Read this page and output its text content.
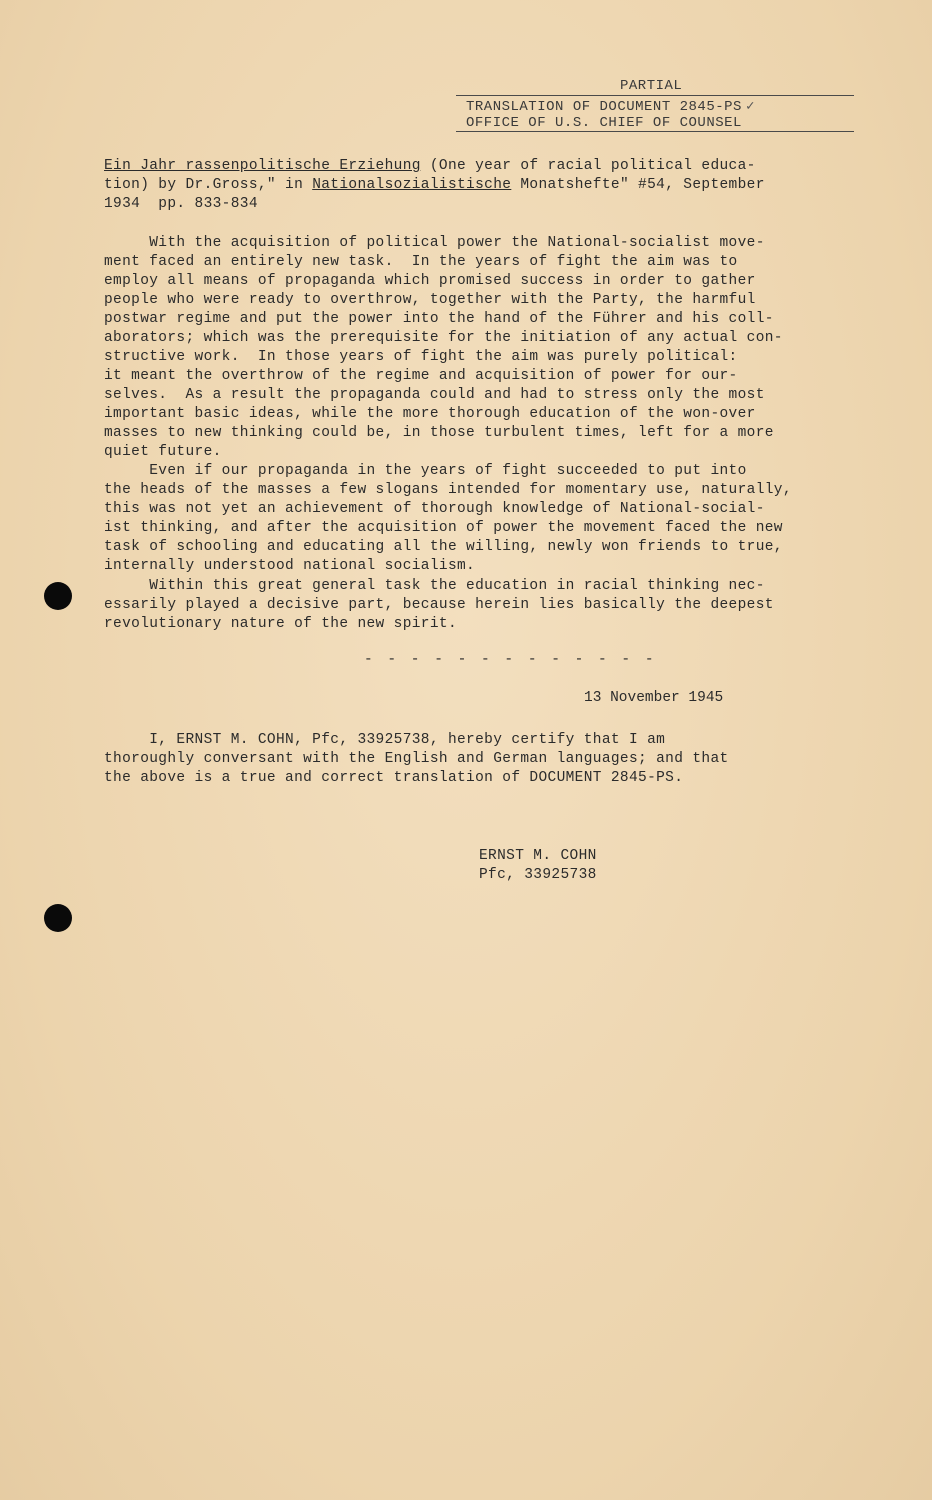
PARTIAL
TRANSLATION OF DOCUMENT 2845-PS ✓
OFFICE OF U.S. CHIEF OF COUNSEL
Ein Jahr rassenpolitische Erziehung (One year of racial political educa-
tion) by Dr.Gross," in Nationalsozialistische Monatshefte" #54, September
1934  pp. 833-834
With the acquisition of political power the National-socialist move-
ment faced an entirely new task.  In the years of fight the aim was to
employ all means of propaganda which promised success in order to gather
people who were ready to overthrow, together with the Party, the harmful
postwar regime and put the power into the hand of the Führer and his coll-
aborators; which was the prerequisite for the initiation of any actual con-
structive work.  In those years of fight the aim was purely political:
it meant the overthrow of the regime and acquisition of power for our-
selves.  As a result the propaganda could and had to stress only the most
important basic ideas, while the more thorough education of the won-over
masses to new thinking could be, in those turbulent times, left for a more
quiet future.
Even if our propaganda in the years of fight succeeded to put into
the heads of the masses a few slogans intended for momentary use, naturally,
this was not yet an achievement of thorough knowledge of National-social-
ist thinking, and after the acquisition of power the movement faced the new
task of schooling and educating all the willing, newly won friends to true,
internally understood national socialism.
Within this great general task the education in racial thinking nec-
essarily played a decisive part, because herein lies basically the deepest
revolutionary nature of the new spirit.
- - - - - - - - - - - - -
13 November 1945
I, ERNST M. COHN, Pfc, 33925738, hereby certify that I am
thoroughly conversant with the English and German languages; and that
the above is a true and correct translation of DOCUMENT 2845-PS.
ERNST M. COHN
Pfc, 33925738
